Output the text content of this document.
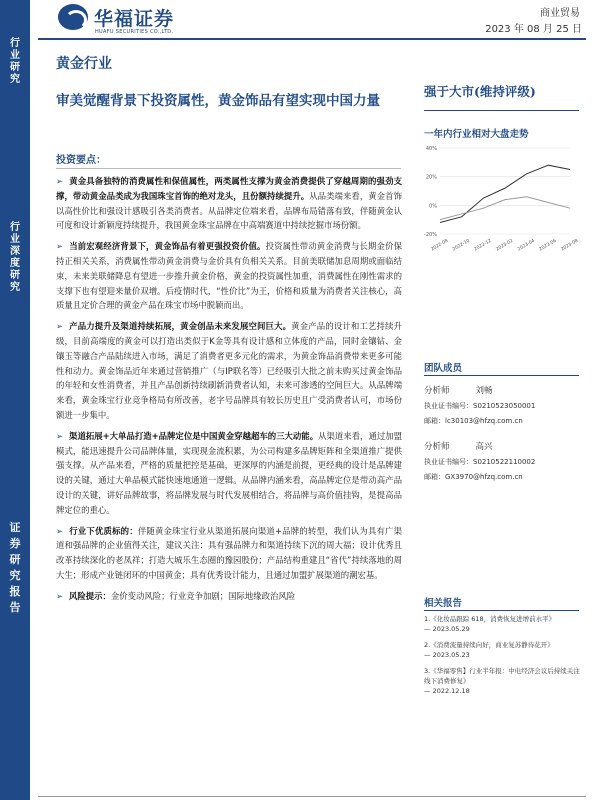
行
业
研
究
行
业
深
度
研
究
证
券
研
究
报
告
华福证券
HUAFU SECURITIES CO.,LTD.
商业贸易
2023 年 08 月 25 日
黄金行业
审美觉醒背景下投资属性，黄金饰品有望实现中国力量
强于大市(维持评级)
一年内行业相对大盘走势
-20%
0%
20%
40%
2022-08 2022-10 2022-12 2023-02 2023-04 2023-06 2023-08
团队成员
分析师	刘畅
执业证书编号：S0210523050001
邮箱：lc30103@hfzq.com.cn
分析师	高兴
执业证书编号：S0210522110002
邮箱：GX3970@hfzq.com.cn
相关报告
1.《化妆品跟踪 618，消费恢复进增前水平》
— 2023.05.29
2.《消费流量持续向好，商业复苏静待花开》
— 2023.05.23
3.《华福零售】行业半年报：中电经济会议后持续关注线下消费修复》
— 2022.12.18
投资要点：

➢ 黄金具备独特的消费属性和保值属性，两类属性支撑为黄金消费提供了穿越周期的强劲支撑，带动黄金品类成为我国珠宝首饰的绝对龙头，且份额持续提升。从品类端来看，黄金首饰以高性价比和强设计感吸引各类消费者。从品牌定位端来看，品牌布局错落有致，伴随黄金认可度和设计新颖度持续提升，我国黄金珠宝品牌在中高端赛道中持续挖掘市场份额。

➢ 当前宏观经济背景下，黄金饰品有着更强投资价值。投资属性带动黄金消费与长期金价保持正相关关系，消费属性带动黄金消费与金价具有负相关关系。目前美联储加息周期或面临结束，未来美联储降息有望进一步推升黄金价格，黄金的投资属性加重，消费属性在刚性需求的支撑下也有望迎来量价双增。后疫情时代，“性价比”为王，价格和质量为消费者关注核心，高质量且定价合理的黄金产品在珠宝市场中脱颖而出。

➢ 产品力提升及渠道持续拓展，黄金创品未来发展空间巨大。黄金产品的设计和工艺持续升级，目前高端度的黄金可以打造出类似于K金等具有设计感和立体度的产品，同时金镶钻、金镶玉等融合产品陆续进入市场，满足了消费者更多元化的需求，为黄金饰品消费带来更多可能性和动力。黄金饰品近年来通过营销推广（与IP联名等）已经吸引大批之前未购买过黄金饰品的年轻和女性消费者，并且产品创新持续刷新消费者认知，未来可渗透的空间巨大。从品牌端来看，黄金珠宝行业竞争格局有所改善，老字号品牌具有较长历史且广受消费者认可，市场份额进一步集中。

➢ 渠道拓展+大单品打造+品牌定位是中国黄金穿越超车的三大动能。从渠道来看，通过加盟模式，能迅速提升公司品牌体量，实现现金流积累，为公司构建多品牌矩阵和全渠道推广提供强支撑。从产品来看，严格的质量把控是基础，更深厚的内涵是前提，更经典的设计是品牌建设的关键，通过大单品模式能快速地通道一逻辑。从品牌内涵来看，高品牌定位是带动高产品设计的关键，讲好品牌故事，将品牌发展与时代发展相结合，将品牌与高价值挂钩，是提高品牌定位的重心。

➢ 行业下优质标的：伴随黄金珠宝行业从渠道拓展向渠道+品牌的转型，我们认为具有广渠道和强品牌的企业值得关注，建议关注：具有强品牌力和渠道持续下沉的周大福；设计优秀且改革持续深化的老凤祥；打造大城乐生态圈的豫园股份；产品结构重建且“省代”持续落地的周大生；形成产业链闭环的中国黄金；具有优秀设计能力，且通过加盟扩展渠道的潮宏基。

➢ 风险提示：金价变动风险；行业竞争加剧；国际地缘政治风险
